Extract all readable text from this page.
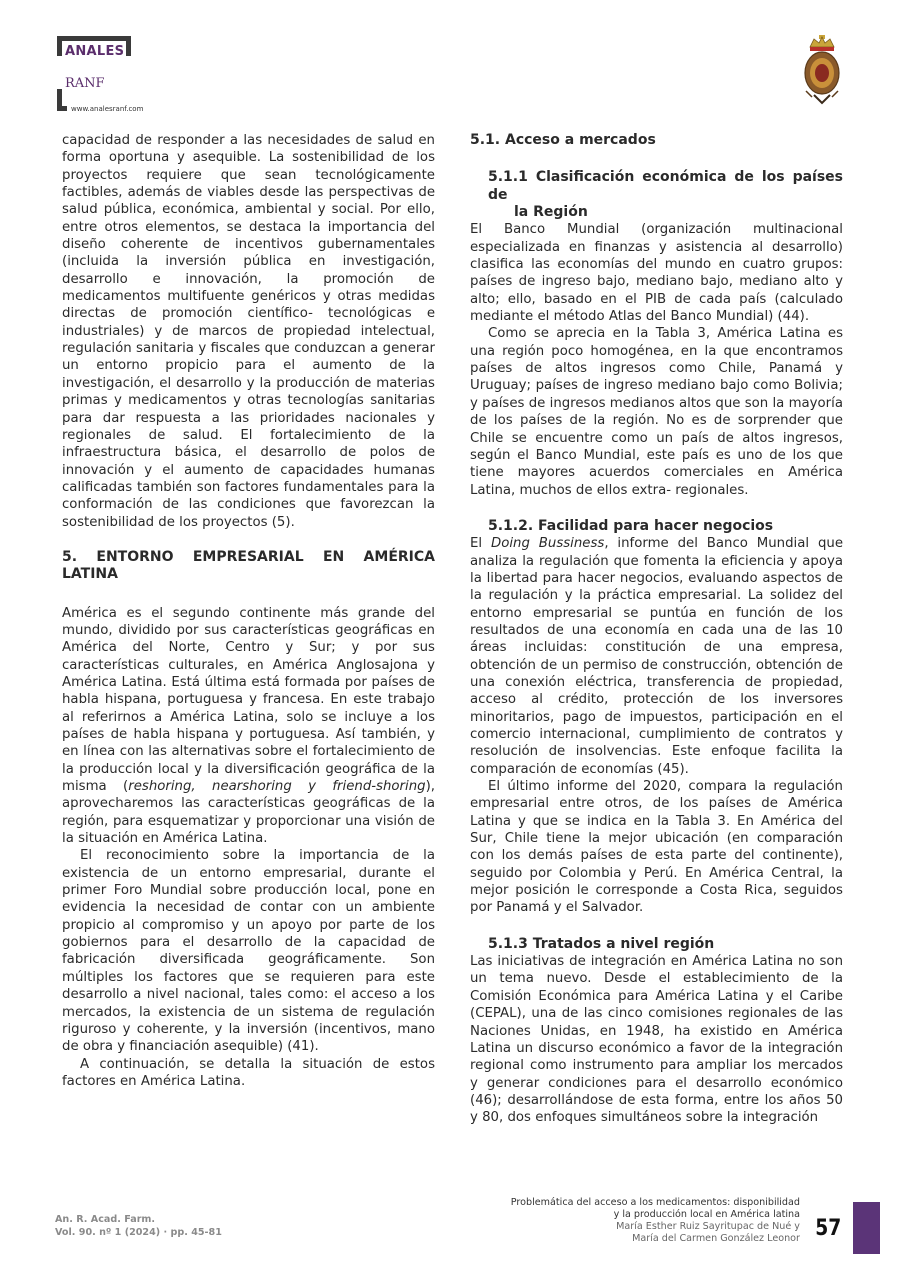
ANALES
RANF
www.analesranf.com

capacidad de responder a las necesidades de salud en forma oportuna y asequible. La sostenibilidad de los proyectos requiere que sean tecnológicamente factibles, además de viables desde las perspectivas de salud pública, económica, ambiental y social. Por ello, entre otros elementos, se destaca la importancia del diseño coherente de incentivos gubernamentales (incluida la inversión pública en investigación, desarrollo e innovación, la promoción de medicamentos multifuente genéricos y otras medidas directas de promoción científico- tecnológicas e industriales) y de marcos de propiedad intelectual, regulación sanitaria y fiscales que conduzcan a generar un entorno propicio para el aumento de la investigación, el desarrollo y la producción de materias primas y medicamentos y otras tecnologías sanitarias para dar respuesta a las prioridades nacionales y regionales de salud. El fortalecimiento de la infraestructura básica, el desarrollo de polos de innovación y el aumento de capacidades humanas calificadas también son factores fundamentales para la conformación de las condiciones que favorezcan la sostenibilidad de los proyectos (5).

5. ENTORNO EMPRESARIAL EN AMÉRICA LATINA

América es el segundo continente más grande del mundo, dividido por sus características geográficas en América del Norte, Centro y Sur; y por sus características culturales, en América Anglosajona y América Latina. Está última está formada por países de habla hispana, portuguesa y francesa. En este trabajo al referirnos a América Latina, solo se incluye a los países de habla hispana y portuguesa. Así también, y en línea con las alternativas sobre el fortalecimiento de la producción local y la diversificación geográfica de la misma (reshoring, nearshoring y friend-shoring), aprovecharemos las características geográficas de la región, para esquematizar y proporcionar una visión de la situación en América Latina.

El reconocimiento sobre la importancia de la existencia de un entorno empresarial, durante el primer Foro Mundial sobre producción local, pone en evidencia la necesidad de contar con un ambiente propicio al compromiso y un apoyo por parte de los gobiernos para el desarrollo de la capacidad de fabricación diversificada geográficamente. Son múltiples los factores que se requieren para este desarrollo a nivel nacional, tales como: el acceso a los mercados, la existencia de un sistema de regulación riguroso y coherente, y la inversión (incentivos, mano de obra y financiación asequible) (41).

A continuación, se detalla la situación de estos factores en América Latina.

5.1. Acceso a mercados

5.1.1 Clasificación económica de los países de
la Región

El Banco Mundial (organización multinacional especializada en finanzas y asistencia al desarrollo) clasifica las economías del mundo en cuatro grupos: países de ingreso bajo, mediano bajo, mediano alto y alto; ello, basado en el PIB de cada país (calculado mediante el método Atlas del Banco Mundial) (44).

Como se aprecia en la Tabla 3, América Latina es una región poco homogénea, en la que encontramos países de altos ingresos como Chile, Panamá y Uruguay; países de ingreso mediano bajo como Bolivia; y países de ingresos medianos altos que son la mayoría de los países de la región. No es de sorprender que Chile se encuentre como un país de altos ingresos, según el Banco Mundial, este país es uno de los que tiene mayores acuerdos comerciales en América Latina, muchos de ellos extra- regionales.

5.1.2. Facilidad para hacer negocios

El Doing Bussiness, informe del Banco Mundial que analiza la regulación que fomenta la eficiencia y apoya la libertad para hacer negocios, evaluando aspectos de la regulación y la práctica empresarial. La solidez del entorno empresarial se puntúa en función de los resultados de una economía en cada una de las 10 áreas incluidas: constitución de una empresa, obtención de un permiso de construcción, obtención de una conexión eléctrica, transferencia de propiedad, acceso al crédito, protección de los inversores minoritarios, pago de impuestos, participación en el comercio internacional, cumplimiento de contratos y resolución de insolvencias. Este enfoque facilita la comparación de economías (45).

El último informe del 2020, compara la regulación empresarial entre otros, de los países de América Latina y que se indica en la Tabla 3. En América del Sur, Chile tiene la mejor ubicación (en comparación con los demás países de esta parte del continente), seguido por Colombia y Perú. En América Central, la mejor posición le corresponde a Costa Rica, seguidos por Panamá y el Salvador.

5.1.3 Tratados a nivel región

Las iniciativas de integración en América Latina no son un tema nuevo. Desde el establecimiento de la Comisión Económica para América Latina y el Caribe (CEPAL), una de las cinco comisiones regionales de las Naciones Unidas, en 1948, ha existido en América Latina un discurso económico a favor de la integración regional como instrumento para ampliar los mercados y generar condiciones para el desarrollo económico (46); desarrollándose de esta forma, entre los años 50 y 80, dos enfoques simultáneos sobre la integración

An. R. Acad. Farm.
Vol. 90. nº 1 (2024) · pp. 45-81
Problemática del acceso a los medicamentos: disponibilidad
y la producción local en América latina
María Esther Ruiz Sayritupac de Nué y
María del Carmen González Leonor 57
